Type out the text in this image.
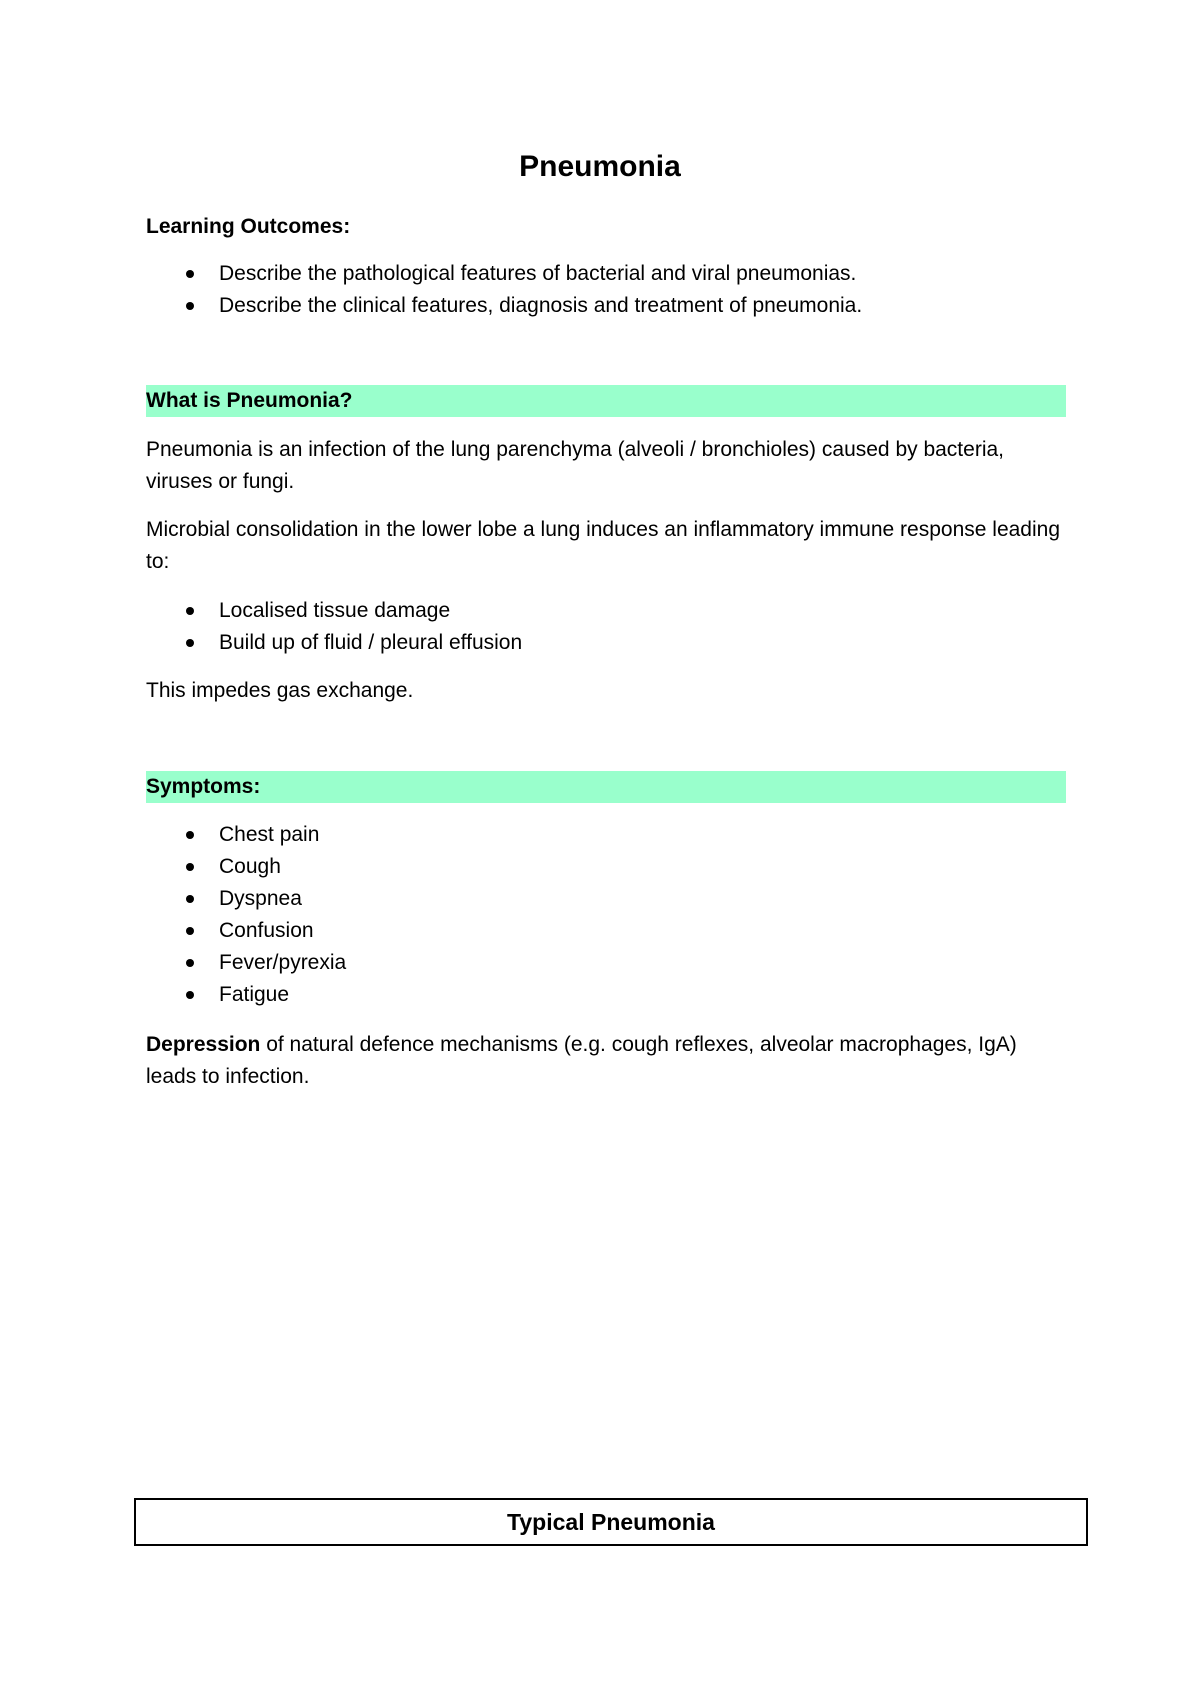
Pneumonia

Learning Outcomes:

Describe the pathological features of bacterial and viral pneumonias.
Describe the clinical features, diagnosis and treatment of pneumonia.
What is Pneumonia?

Pneumonia is an infection of the lung parenchyma (alveoli / bronchioles) caused by bacteria, viruses or fungi.

Microbial consolidation in the lower lobe a lung induces an inflammatory immune response leading to:

Localised tissue damage
Build up of fluid / pleural effusion

This impedes gas exchange.

Symptoms:
Chest pain
Cough
Dyspnea
Confusion
Fever/pyrexia
Fatigue

Depression of natural defence mechanisms (e.g. cough reflexes, alveolar macrophages, IgA) leads to infection.

Typical Pneumonia
